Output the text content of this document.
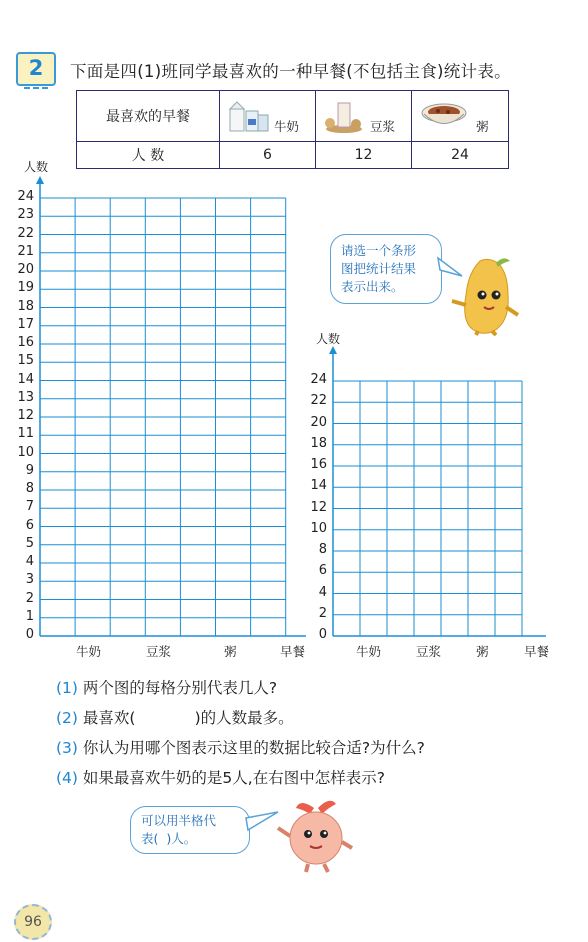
2	下面是四(1)班同学最喜欢的一种早餐(不包括主食)统计表。
最喜欢的早餐	牛奶	豆浆	粥

人 数	6	12	24
人数
0
1
2
3
4
5
6
7
8
9
10
11
12
13
14
15
16
17
18
19
20
21
22
23
24
牛奶	豆浆	粥	早餐
请选一个条形
图把统计结果
表示出来。
人数
0
2
4
6
8
10
12
14
16
18
20
22
24
牛奶	豆浆	粥	早餐
(1) 两个图的每格分别代表几人?
(2) 最喜欢(            )的人数最多。
(3) 你认为用哪个图表示这里的数据比较合适?为什么?
(4) 如果最喜欢牛奶的是5人,在右图中怎样表示?
可以用半格代
表(  )人。
96
